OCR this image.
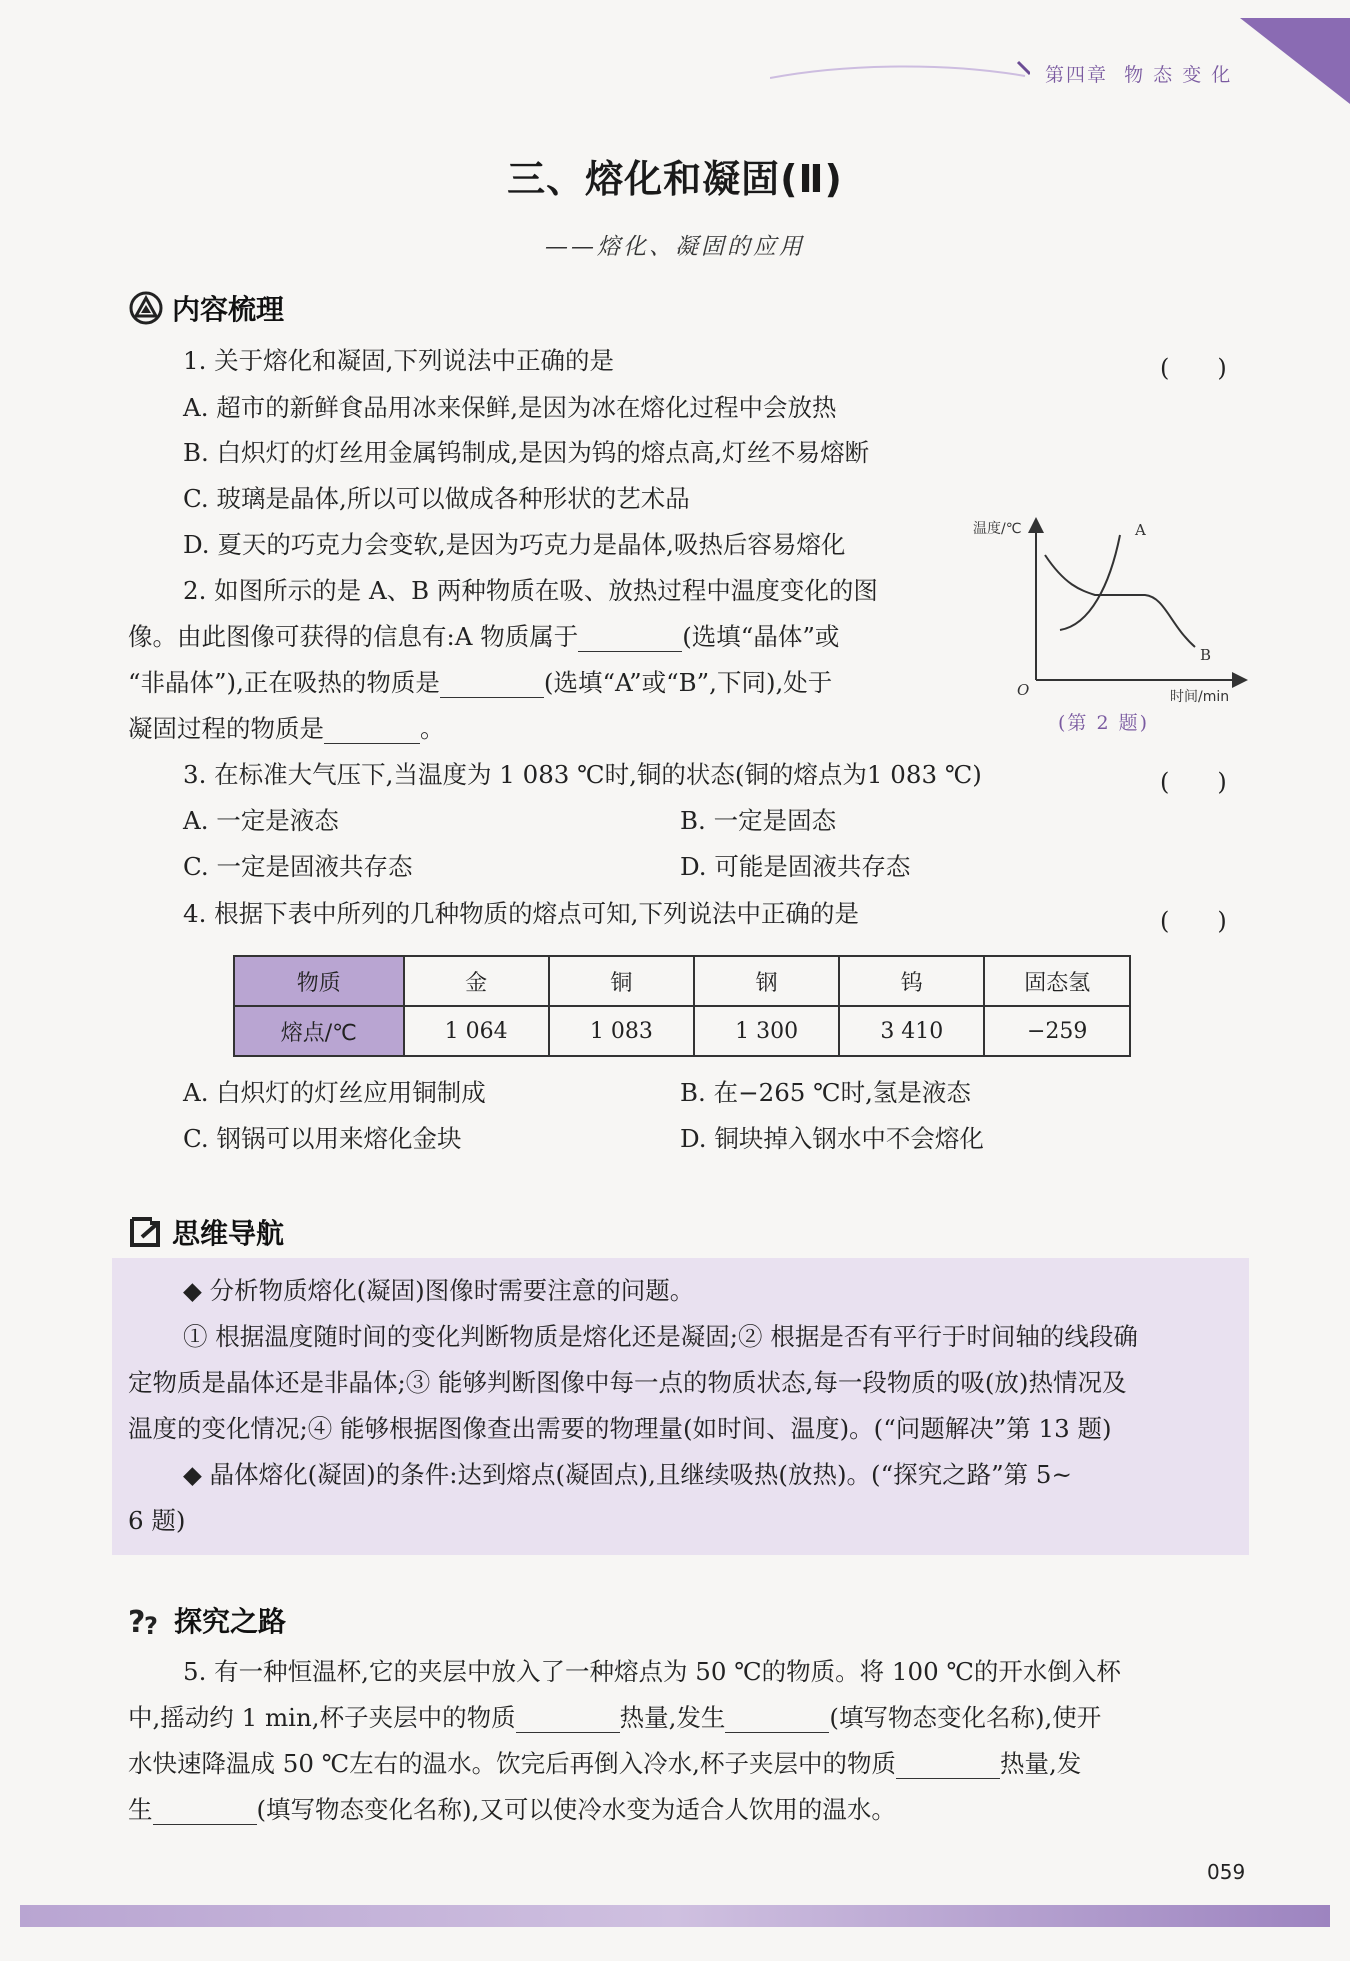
第四章 物 态 变 化
三、熔化和凝固(Ⅱ)
——熔化、凝固的应用
内容梳理
1. 关于熔化和凝固,下列说法中正确的是	(　　)
A. 超市的新鲜食品用冰来保鲜,是因为冰在熔化过程中会放热
B. 白炽灯的灯丝用金属钨制成,是因为钨的熔点高,灯丝不易熔断
C. 玻璃是晶体,所以可以做成各种形状的艺术品
D. 夏天的巧克力会变软,是因为巧克力是晶体,吸热后容易熔化
2. 如图所示的是 A、B 两种物质在吸、放热过程中温度变化的图
像。由此图像可获得的信息有:A 物质属于	(选填“晶体”或
“非晶体”),正在吸热的物质是	(选填“A”或“B”,下同),处于
凝固过程的物质是	。
温度/℃
时间/min
O
A
B
(第 2 题)
3. 在标准大气压下,当温度为 1 083 ℃时,铜的状态(铜的熔点为1 083 ℃)	(　　)
A. 一定是液态	B. 一定是固态
C. 一定是固液共存态	D. 可能是固液共存态
4. 根据下表中所列的几种物质的熔点可知,下列说法中正确的是	(　　)
物质	金	铜	钢	钨	固态氢
熔点/℃	1 064	1 083	1 300	3 410	−259
A. 白炽灯的灯丝应用铜制成	B. 在−265 ℃时,氢是液态
C. 钢锅可以用来熔化金块	D. 铜块掉入钢水中不会熔化
思维导航
◆ 分析物质熔化(凝固)图像时需要注意的问题。
① 根据温度随时间的变化判断物质是熔化还是凝固;② 根据是否有平行于时间轴的线段确
定物质是晶体还是非晶体;③ 能够判断图像中每一点的物质状态,每一段物质的吸(放)热情况及
温度的变化情况;④ 能够根据图像查出需要的物理量(如时间、温度)。(“问题解决”第 13 题)
◆ 晶体熔化(凝固)的条件:达到熔点(凝固点),且继续吸热(放热)。(“探究之路”第 5~
6 题)
?
? 探究之路
5. 有一种恒温杯,它的夹层中放入了一种熔点为 50 ℃的物质。将 100 ℃的开水倒入杯
中,摇动约 1 min,杯子夹层中的物质	热量,发生	(填写物态变化名称),使开
水快速降温成 50 ℃左右的温水。饮完后再倒入冷水,杯子夹层中的物质	热量,发
生	(填写物态变化名称),又可以使冷水变为适合人饮用的温水。
059
